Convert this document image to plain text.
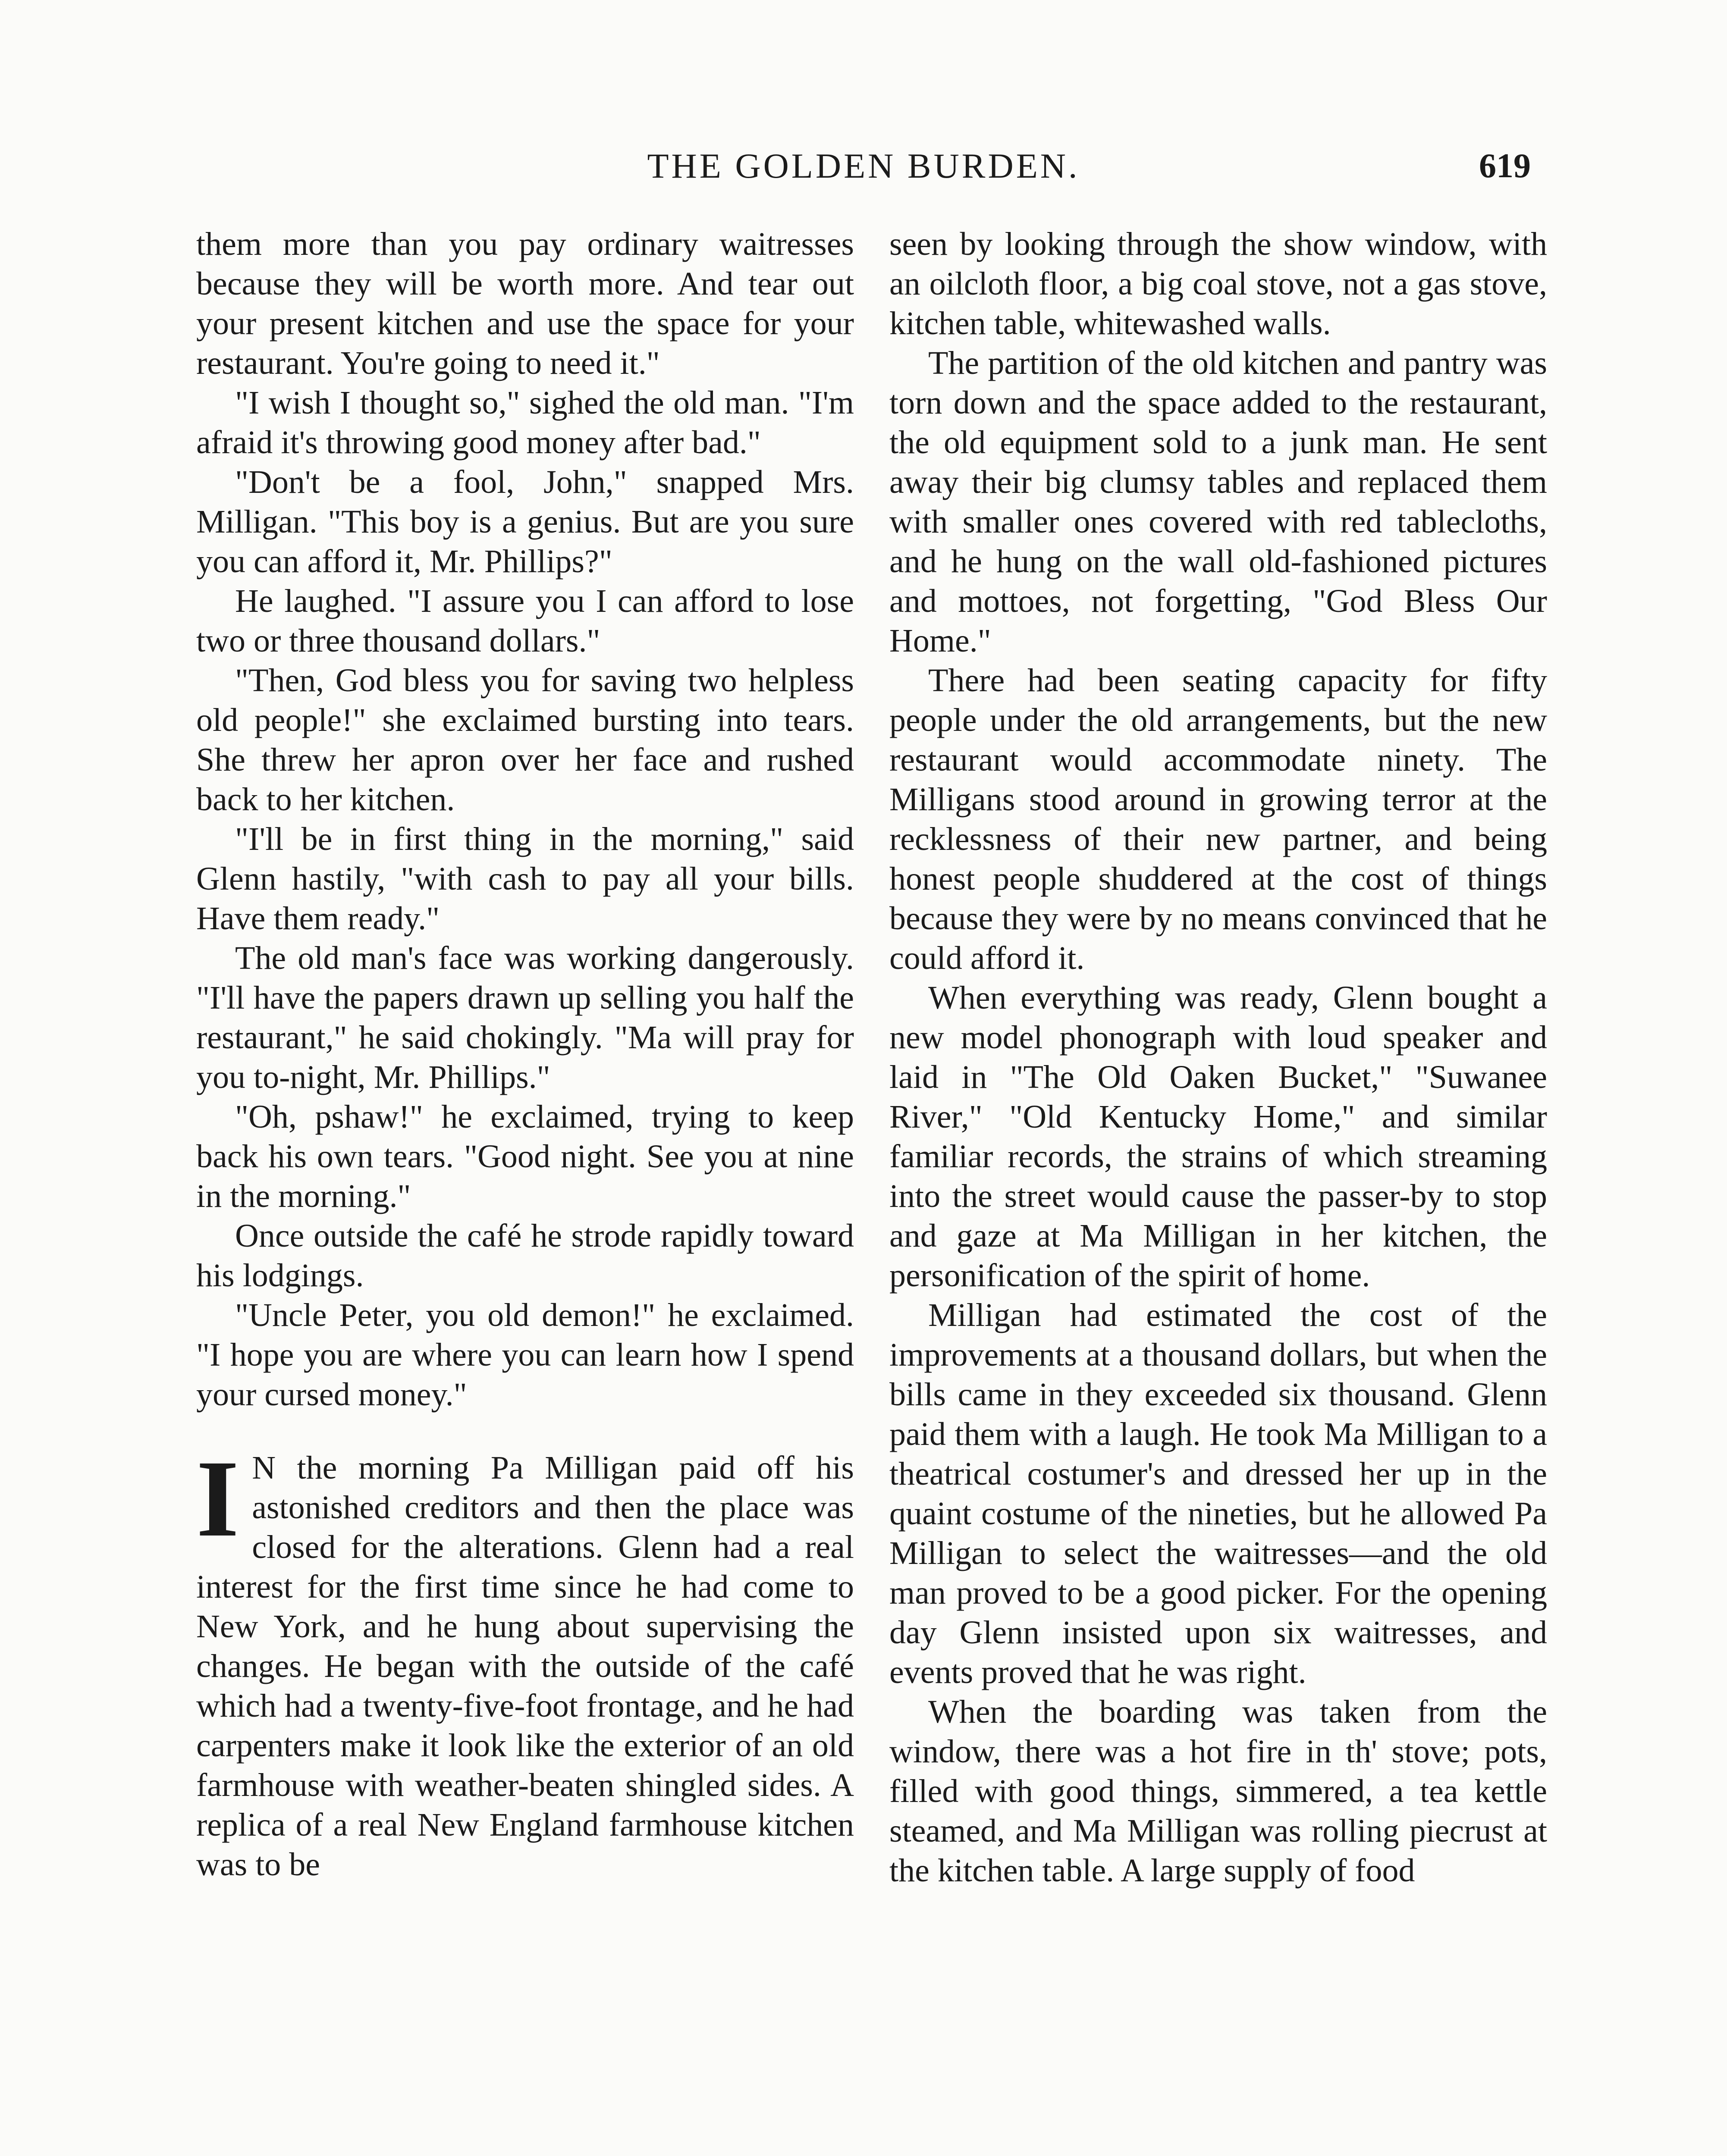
THE GOLDEN BURDEN.	619

them more than you pay ordinary waitresses because they will be worth more. And tear out your present kitchen and use the space for your restaurant. You're going to need it."

"I wish I thought so," sighed the old man. "I'm afraid it's throwing good money after bad."

"Don't be a fool, John," snapped Mrs. Milligan. "This boy is a genius. But are you sure you can afford it, Mr. Phillips?"

He laughed. "I assure you I can afford to lose two or three thousand dollars."

"Then, God bless you for saving two helpless old people!" she exclaimed bursting into tears. She threw her apron over her face and rushed back to her kitchen.

"I'll be in first thing in the morning," said Glenn hastily, "with cash to pay all your bills. Have them ready."

The old man's face was working dangerously. "I'll have the papers drawn up selling you half the restaurant," he said chokingly. "Ma will pray for you to-night, Mr. Phillips."

"Oh, pshaw!" he exclaimed, trying to keep back his own tears. "Good night. See you at nine in the morning."

Once outside the café he strode rapidly toward his lodgings.

"Uncle Peter, you old demon!" he exclaimed. "I hope you are where you can learn how I spend your cursed money."

I N the morning Pa Milligan paid off his astonished creditors and then the place was closed for the alterations. Glenn had a real interest for the first time since he had come to New York, and he hung about supervising the changes. He began with the outside of the café which had a twenty-five-foot frontage, and he had carpenters make it look like the exterior of an old farmhouse with weather-beaten shingled sides. A replica of a real New England farmhouse kitchen was to be

seen by looking through the show window, with an oilcloth floor, a big coal stove, not a gas stove, kitchen table, whitewashed walls.

The partition of the old kitchen and pantry was torn down and the space added to the restaurant, the old equipment sold to a junk man. He sent away their big clumsy tables and replaced them with smaller ones covered with red tablecloths, and he hung on the wall old-fashioned pictures and mottoes, not forgetting, "God Bless Our Home."

There had been seating capacity for fifty people under the old arrangements, but the new restaurant would accommodate ninety. The Milligans stood around in growing terror at the recklessness of their new partner, and being honest people shuddered at the cost of things because they were by no means convinced that he could afford it.

When everything was ready, Glenn bought a new model phonograph with loud speaker and laid in "The Old Oaken Bucket," "Suwanee River," "Old Kentucky Home," and similar familiar records, the strains of which streaming into the street would cause the passer-by to stop and gaze at Ma Milligan in her kitchen, the personification of the spirit of home.

Milligan had estimated the cost of the improvements at a thousand dollars, but when the bills came in they exceeded six thousand. Glenn paid them with a laugh. He took Ma Milligan to a theatrical costumer's and dressed her up in the quaint costume of the nineties, but he allowed Pa Milligan to select the waitresses—and the old man proved to be a good picker. For the opening day Glenn insisted upon six waitresses, and events proved that he was right.

When the boarding was taken from the window, there was a hot fire in th' stove; pots, filled with good things, simmered, a tea kettle steamed, and Ma Milligan was rolling piecrust at the kitchen table. A large supply of food
